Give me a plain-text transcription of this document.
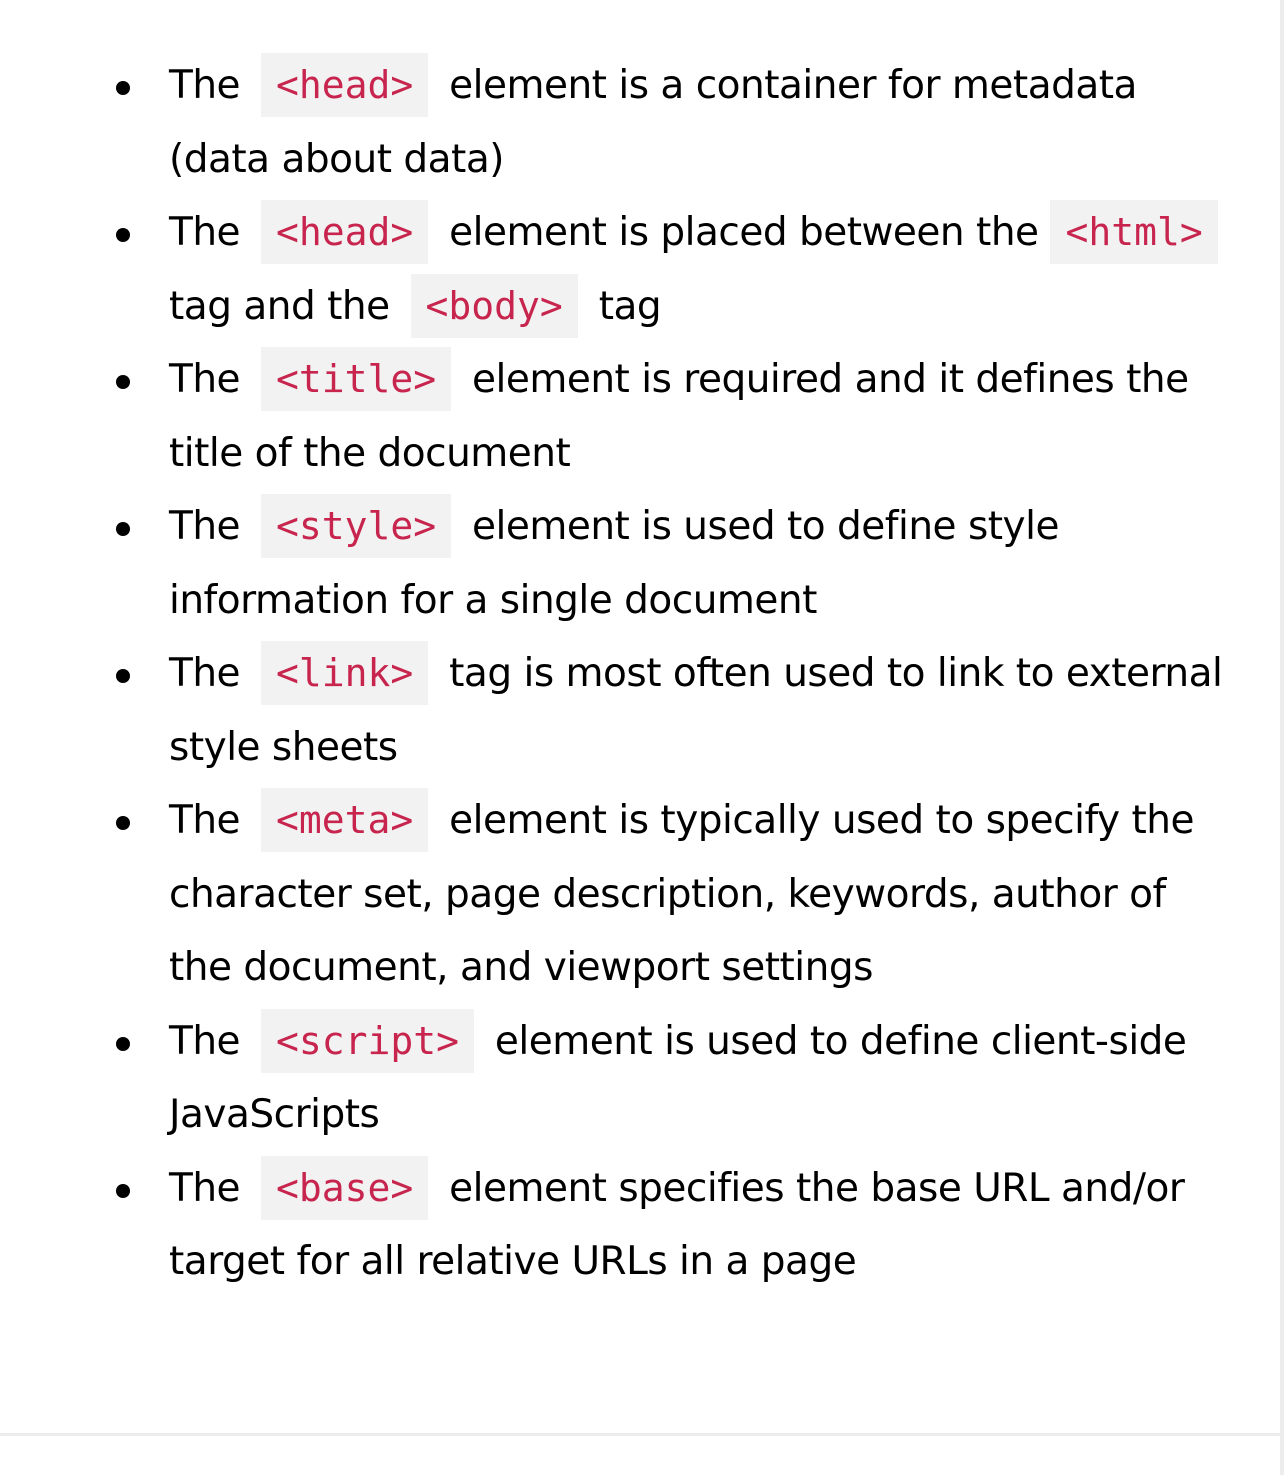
The <head> element is a container for metadata (data about data)
The <head> element is placed between the <html> tag and the <body> tag
The <title> element is required and it defines the title of the document
The <style> element is used to define style information for a single document
The <link> tag is most often used to link to external style sheets
The <meta> element is typically used to specify the character set, page description, keywords, author of the document, and viewport settings
The <script> element is used to define client-side JavaScripts
The <base> element specifies the base URL and/or target for all relative URLs in a page
